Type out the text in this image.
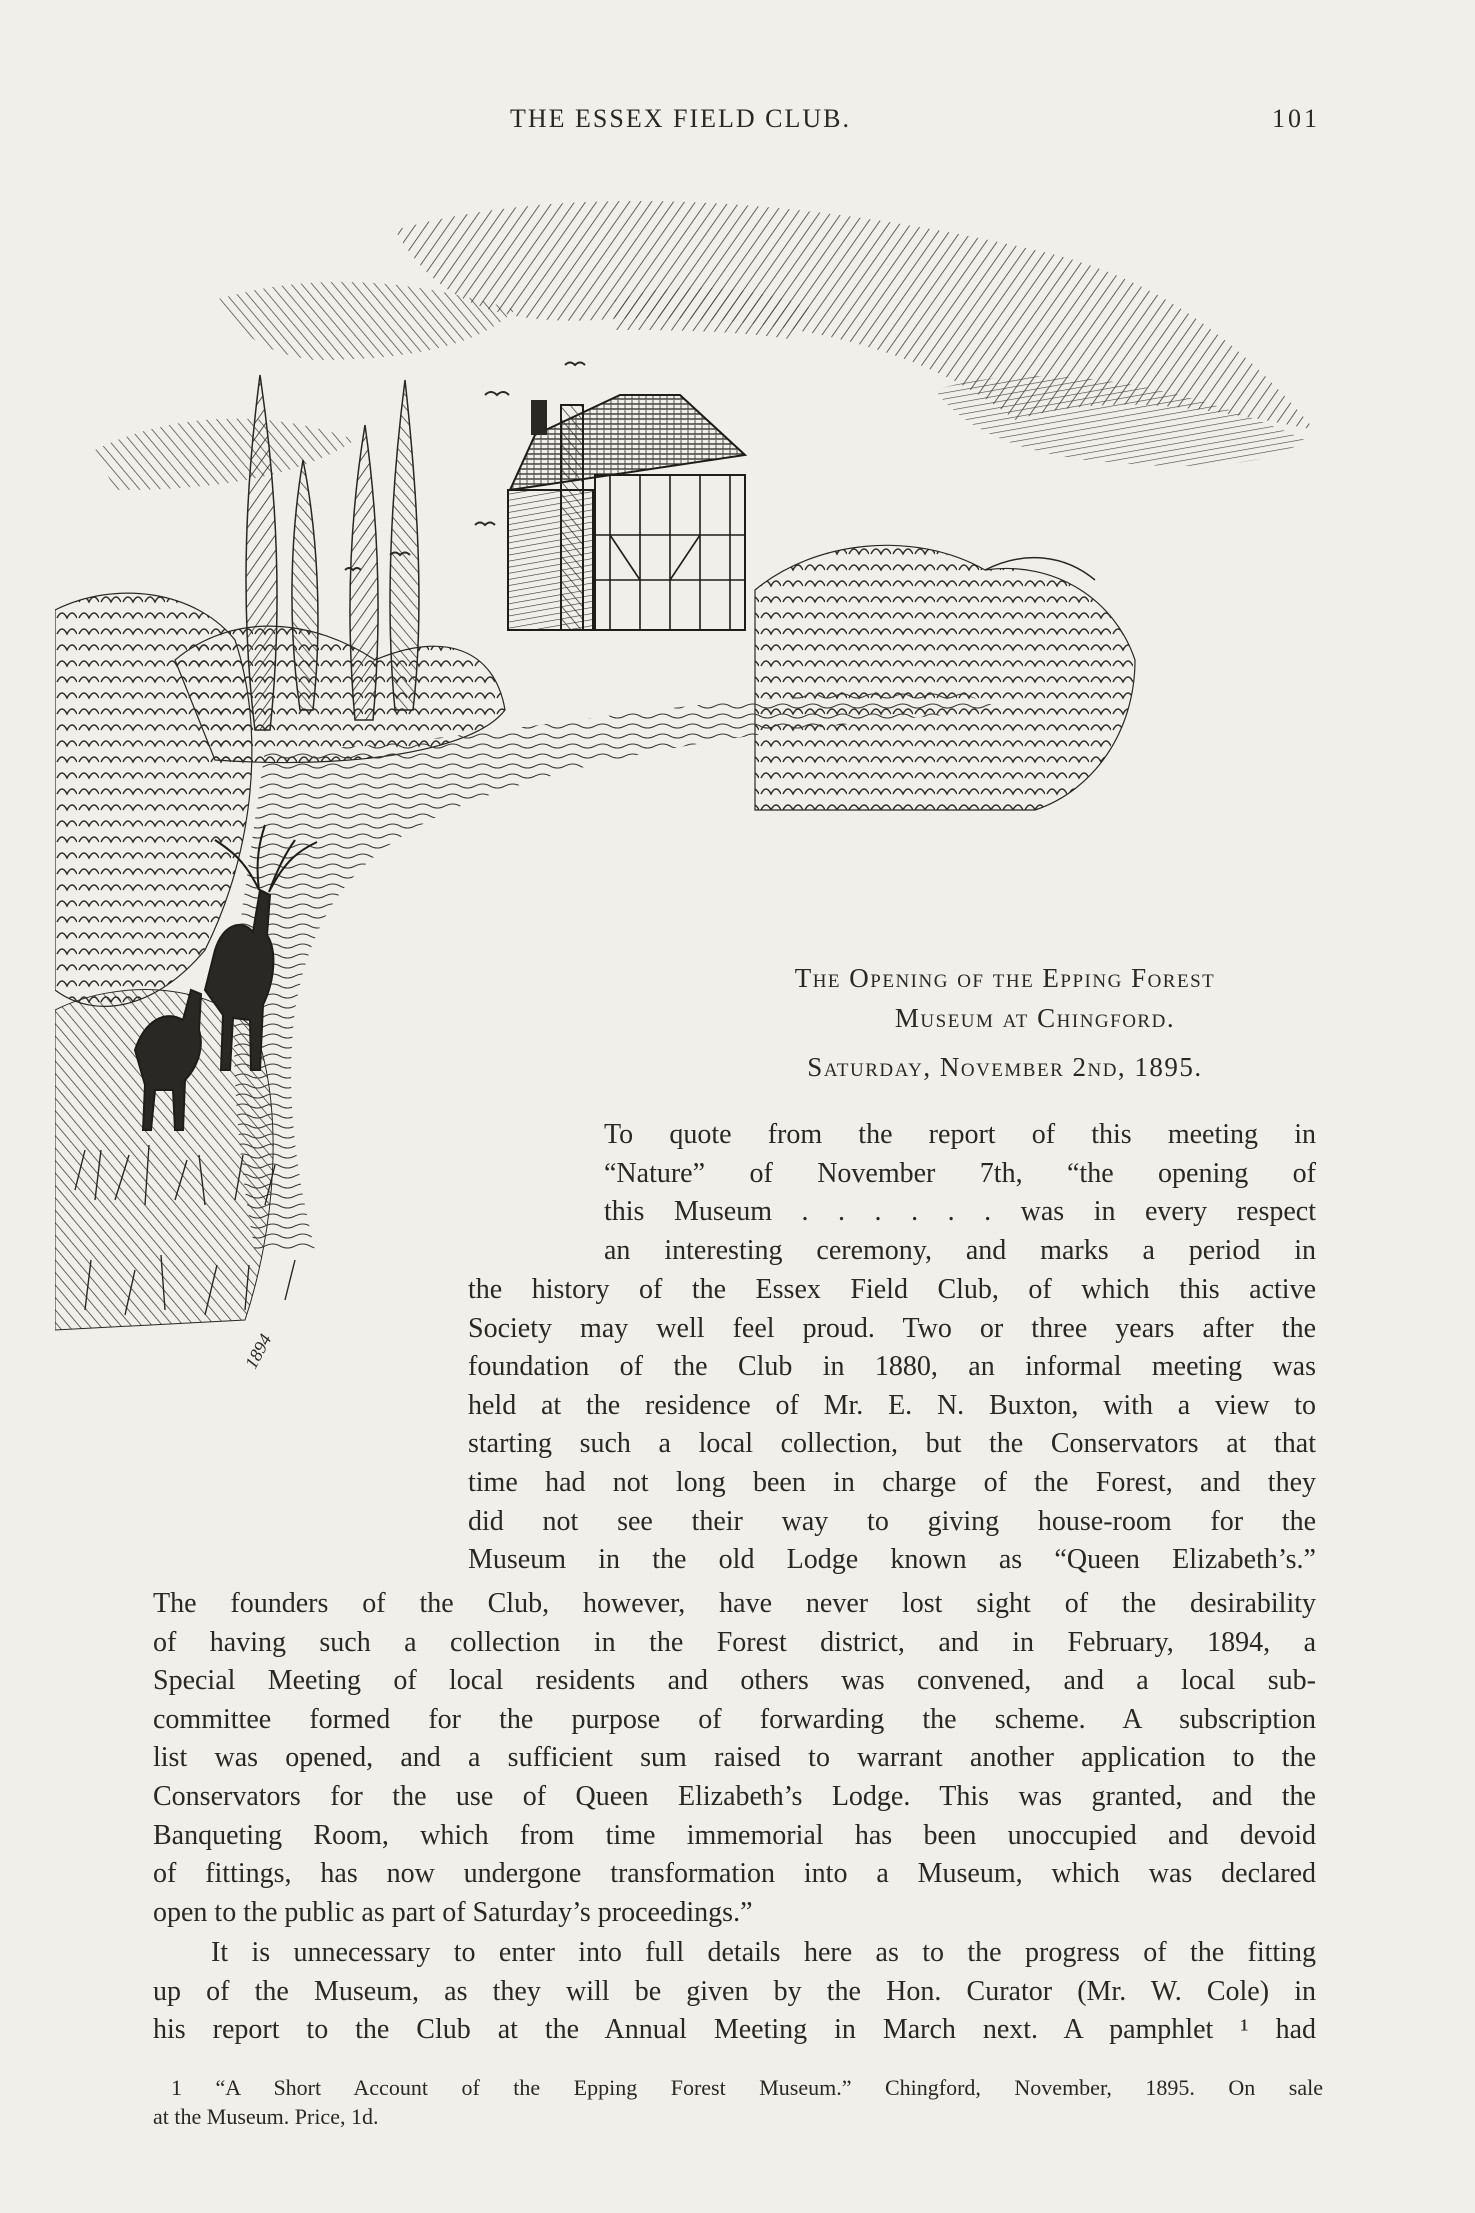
THE ESSEX FIELD CLUB.	101
1894
The Opening of the Epping Forest

Museum at Chingford.
Saturday, November 2nd, 1895.

To quote from the report of this meeting in

“Nature” of November 7th, “the opening of

this Museum . . . . . . was in every respect

an interesting ceremony, and marks a period in

the history of the Essex Field Club, of which this active

Society may well feel proud. Two or three years after the

foundation of the Club in 1880, an informal meeting was

held at the residence of Mr. E. N. Buxton, with a view to

starting such a local collection, but the Conservators at that

time had not long been in charge of the Forest, and they

did not see their way to giving house-room for the

Museum in the old Lodge known as “Queen Elizabeth’s.”

The founders of the Club, however, have never lost sight of the desirability

of having such a collection in the Forest district, and in February, 1894, a

Special Meeting of local residents and others was convened, and a local sub-

committee formed for the purpose of forwarding the scheme. A subscription

list was opened, and a sufficient sum raised to warrant another application to the

Conservators for the use of Queen Elizabeth’s Lodge. This was granted, and the

Banqueting Room, which from time immemorial has been unoccupied and devoid

of fittings, has now undergone transformation into a Museum, which was declared

open to the public as part of Saturday’s proceedings.”

It is unnecessary to enter into full details here as to the progress of the fitting

up of the Museum, as they will be given by the Hon. Curator (Mr. W. Cole) in

his report to the Club at the Annual Meeting in March next. A pamphlet ¹ had

1 “A Short Account of the Epping Forest Museum.” Chingford, November, 1895. On sale
at the Museum. Price, 1d.
